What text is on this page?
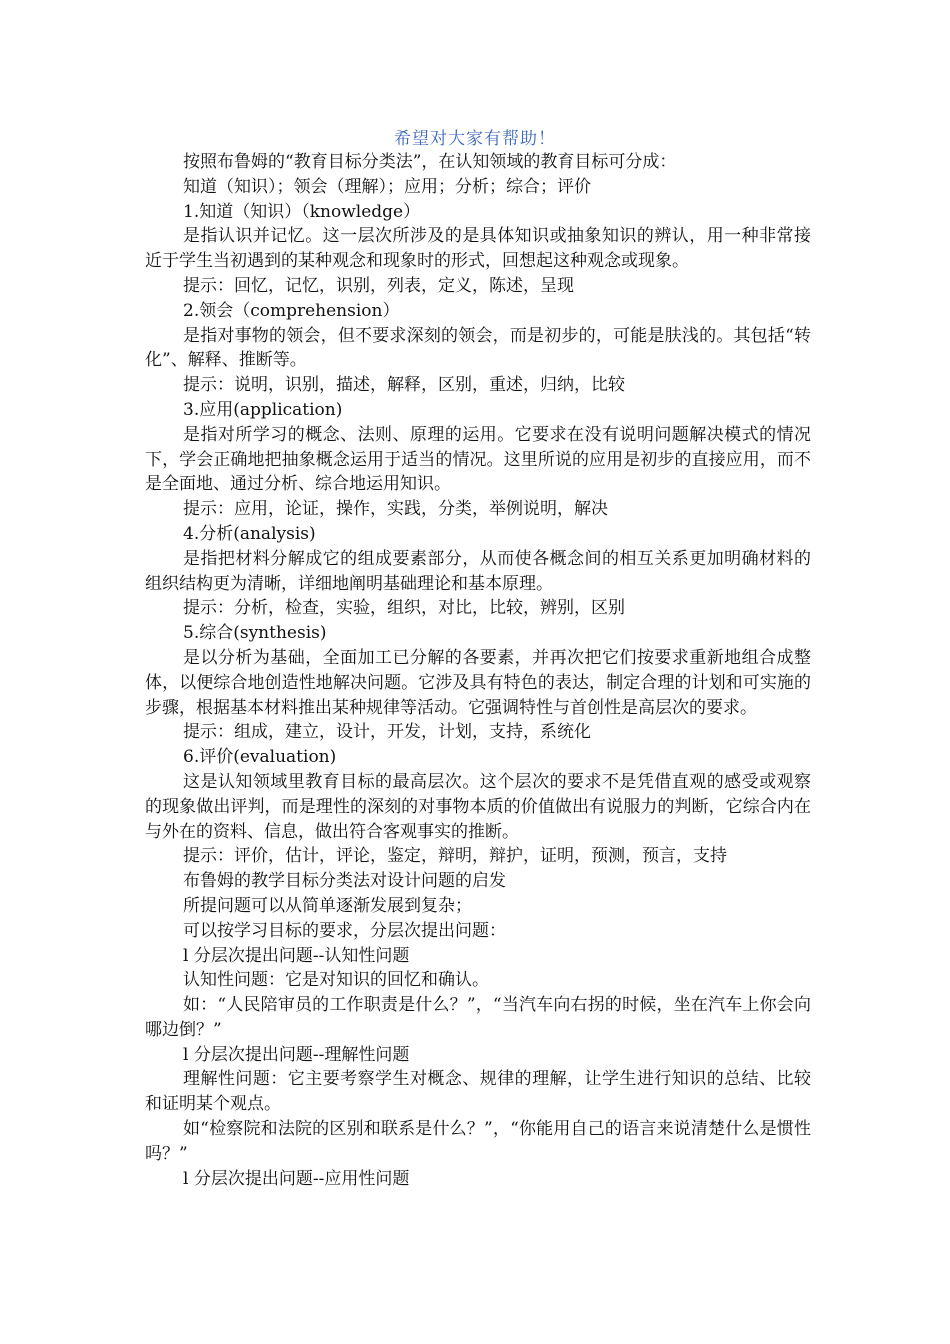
希望对大家有帮助！

按照布鲁姆的“教育目标分类法”，在认知领域的教育目标可分成：

知道（知识）；领会（理解）；应用；分析；综合；评价

1.知道（知识）（knowledge）

是指认识并记忆。这一层次所涉及的是具体知识或抽象知识的辨认，用一种非常接近于学生当初遇到的某种观念和现象时的形式，回想起这种观念或现象。

提示：回忆，记忆，识别，列表，定义，陈述，呈现

2.领会（comprehension）

是指对事物的领会，但不要求深刻的领会，而是初步的，可能是肤浅的。其包括“转化”、解释、推断等。

提示：说明，识别，描述，解释，区别，重述，归纳，比较

3.应用(application)

是指对所学习的概念、法则、原理的运用。它要求在没有说明问题解决模式的情况下，学会正确地把抽象概念运用于适当的情况。这里所说的应用是初步的直接应用，而不是全面地、通过分析、综合地运用知识。

提示：应用，论证，操作，实践，分类，举例说明，解决

4.分析(analysis)

是指把材料分解成它的组成要素部分，从而使各概念间的相互关系更加明确材料的组织结构更为清晰，详细地阐明基础理论和基本原理。

提示：分析，检查，实验，组织，对比，比较，辨别，区别

5.综合(synthesis)

是以分析为基础，全面加工已分解的各要素，并再次把它们按要求重新地组合成整体，以便综合地创造性地解决问题。它涉及具有特色的表达，制定合理的计划和可实施的步骤，根据基本材料推出某种规律等活动。它强调特性与首创性是高层次的要求。

提示：组成，建立，设计，开发，计划，支持，系统化

6.评价(evaluation)

这是认知领域里教育目标的最高层次。这个层次的要求不是凭借直观的感受或观察的现象做出评判，而是理性的深刻的对事物本质的价值做出有说服力的判断，它综合内在与外在的资料、信息，做出符合客观事实的推断。

提示：评价，估计，评论，鉴定，辩明，辩护，证明，预测，预言，支持

布鲁姆的教学目标分类法对设计问题的启发

所提问题可以从简单逐渐发展到复杂；

可以按学习目标的要求，分层次提出问题：

l 分层次提出问题--认知性问题

认知性问题：它是对知识的回忆和确认。

如：“人民陪审员的工作职责是什么？”，“当汽车向右拐的时候，坐在汽车上你会向哪边倒？”

l 分层次提出问题--理解性问题

理解性问题：它主要考察学生对概念、规律的理解，让学生进行知识的总结、比较和证明某个观点。

如“检察院和法院的区别和联系是什么？”，“你能用自己的语言来说清楚什么是惯性吗？”

l 分层次提出问题--应用性问题
